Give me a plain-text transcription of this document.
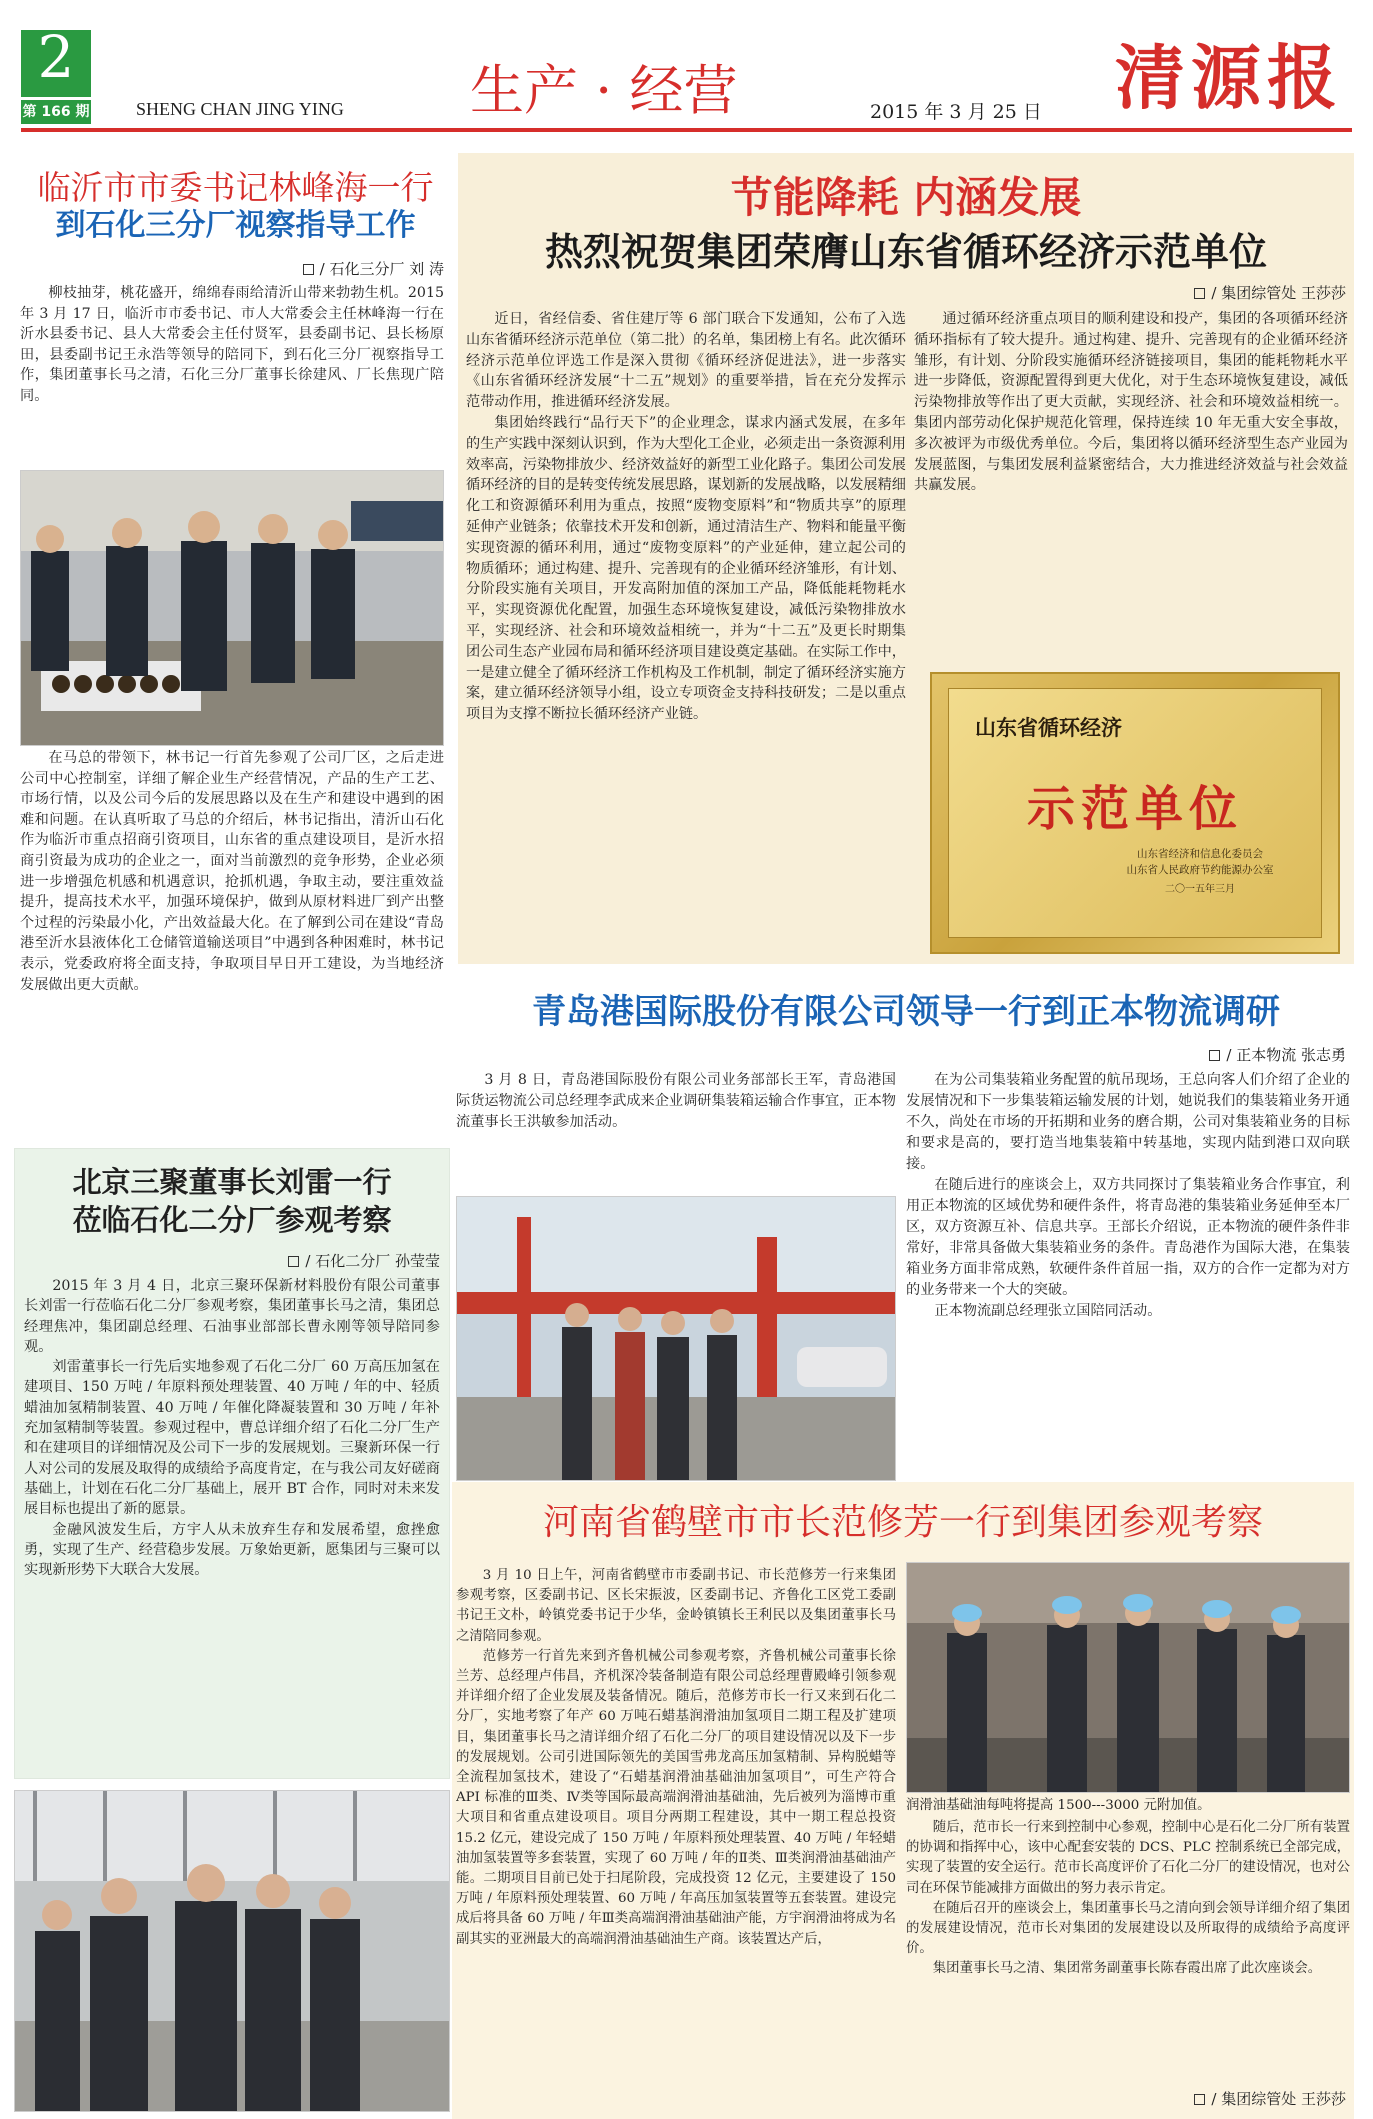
2
第 166 期	SHENG CHAN JING YING 生产 · 经营	2015 年 3 月 25 日 清源报
临沂市市委书记林峰海一行
到石化三分厂视察指导工作
/ 石化三分厂 刘 涛

柳枝抽芽，桃花盛开，绵绵春雨给清沂山带来勃勃生机。2015 年 3 月 17 日，临沂市市委书记、市人大常委会主任林峰海一行在沂水县委书记、县人大常委会主任付贤军，县委副书记、县长杨原田，县委副书记王永浩等领导的陪同下，到石化三分厂视察指导工作，集团董事长马之清，石化三分厂董事长徐建风、厂长焦现广陪同。

在马总的带领下，林书记一行首先参观了公司厂区，之后走进公司中心控制室，详细了解企业生产经营情况，产品的生产工艺、市场行情，以及公司今后的发展思路以及在生产和建设中遇到的困难和问题。在认真听取了马总的介绍后，林书记指出，清沂山石化作为临沂市重点招商引资项目，山东省的重点建设项目，是沂水招商引资最为成功的企业之一，面对当前激烈的竞争形势，企业必须进一步增强危机感和机遇意识，抢抓机遇，争取主动，要注重效益提升，提高技术水平，加强环境保护，做到从原材料进厂到产出整个过程的污染最小化，产出效益最大化。在了解到公司在建设“青岛港至沂水县液体化工仓储管道输送项目”中遇到各种困难时，林书记表示，党委政府将全面支持，争取项目早日开工建设，为当地经济发展做出更大贡献。

北京三聚董事长刘雷一行
莅临石化二分厂参观考察
/ 石化二分厂 孙莹莹

2015 年 3 月 4 日，北京三聚环保新材料股份有限公司董事长刘雷一行莅临石化二分厂参观考察，集团董事长马之清，集团总经理焦冲，集团副总经理、石油事业部部长曹永刚等领导陪同参观。

刘雷董事长一行先后实地参观了石化二分厂 60 万高压加氢在建项目、150 万吨 / 年原料预处理装置、40 万吨 / 年的中、轻质蜡油加氢精制装置、40 万吨 / 年催化降凝装置和 30 万吨 / 年补充加氢精制等装置。参观过程中，曹总详细介绍了石化二分厂生产和在建项目的详细情况及公司下一步的发展规划。三聚新环保一行人对公司的发展及取得的成绩给予高度肯定，在与我公司友好磋商基础上，计划在石化二分厂基础上，展开 BT 合作，同时对未来发展目标也提出了新的愿景。

金融风波发生后，方宇人从未放弃生存和发展希望，愈挫愈勇，实现了生产、经营稳步发展。万象始更新，愿集团与三聚可以实现新形势下大联合大发展。

节能降耗 内涵发展
热烈祝贺集团荣膺山东省循环经济示范单位
/ 集团综管处 王莎莎

近日，省经信委、省住建厅等 6 部门联合下发通知，公布了入选山东省循环经济示范单位（第二批）的名单，集团榜上有名。此次循环经济示范单位评选工作是深入贯彻《循环经济促进法》，进一步落实《山东省循环经济发展“十二五”规划》的重要举措，旨在充分发挥示范带动作用，推进循环经济发展。

集团始终践行“品行天下”的企业理念，谋求内涵式发展，在多年的生产实践中深刻认识到，作为大型化工企业，必须走出一条资源利用效率高，污染物排放少、经济效益好的新型工业化路子。集团公司发展循环经济的目的是转变传统发展思路，谋划新的发展战略，以发展精细化工和资源循环利用为重点，按照“废物变原料”和“物质共享”的原理延伸产业链条；依靠技术开发和创新，通过清洁生产、物料和能量平衡实现资源的循环利用，通过“废物变原料”的产业延伸，建立起公司的物质循环；通过构建、提升、完善现有的企业循环经济雏形，有计划、分阶段实施有关项目，开发高附加值的深加工产品，降低能耗物耗水平，实现资源优化配置，加强生态环境恢复建设，减低污染物排放水平，实现经济、社会和环境效益相统一，并为“十二五”及更长时期集团公司生态产业园布局和循环经济项目建设奠定基础。在实际工作中，一是建立健全了循环经济工作机构及工作机制，制定了循环经济实施方案，建立循环经济领导小组，设立专项资金支持科技研发；二是以重点项目为支撑不断拉长循环经济产业链。

通过循环经济重点项目的顺利建设和投产，集团的各项循环经济循环指标有了较大提升。通过构建、提升、完善现有的企业循环经济雏形，有计划、分阶段实施循环经济链接项目，集团的能耗物耗水平进一步降低，资源配置得到更大优化，对于生态环境恢复建设，减低污染物排放等作出了更大贡献，实现经济、社会和环境效益相统一。集团内部劳动化保护规范化管理，保持连续 10 年无重大安全事故，多次被评为市级优秀单位。今后，集团将以循环经济型生态产业园为发展蓝图，与集团发展利益紧密结合，大力推进经济效益与社会效益共赢发展。

山东省循环经济
示范单位
山东省经济和信息化委员会
山东省人民政府节约能源办公室
二〇一五年三月
青岛港国际股份有限公司领导一行到正本物流调研
/ 正本物流 张志勇

3 月 8 日，青岛港国际股份有限公司业务部部长王军，青岛港国际货运物流公司总经理李武成来企业调研集装箱运输合作事宜，正本物流董事长王洪敏参加活动。

在为公司集装箱业务配置的航吊现场，王总向客人们介绍了企业的发展情况和下一步集装箱运输发展的计划，她说我们的集装箱业务开通不久，尚处在市场的开拓期和业务的磨合期，公司对集装箱业务的目标和要求是高的，要打造当地集装箱中转基地，实现内陆到港口双向联接。

在随后进行的座谈会上，双方共同探讨了集装箱业务合作事宜，利用正本物流的区域优势和硬件条件，将青岛港的集装箱业务延伸至本厂区，双方资源互补、信息共享。王部长介绍说，正本物流的硬件条件非常好，非常具备做大集装箱业务的条件。青岛港作为国际大港，在集装箱业务方面非常成熟，软硬件条件首屈一指，双方的合作一定都为对方的业务带来一个大的突破。

正本物流副总经理张立国陪同活动。

河南省鹤壁市市长范修芳一行到集团参观考察

3 月 10 日上午，河南省鹤壁市市委副书记、市长范修芳一行来集团参观考察，区委副书记、区长宋振波，区委副书记、齐鲁化工区党工委副书记王文朴，岭镇党委书记于少华，金岭镇镇长王利民以及集团董事长马之清陪同参观。

范修芳一行首先来到齐鲁机械公司参观考察，齐鲁机械公司董事长徐兰芳、总经理卢伟昌，齐机深冷装备制造有限公司总经理曹殿峰引领参观并详细介绍了企业发展及装备情况。随后，范修芳市长一行又来到石化二分厂，实地考察了年产 60 万吨石蜡基润滑油加氢项目二期工程及扩建项目，集团董事长马之清详细介绍了石化二分厂的项目建设情况以及下一步的发展规划。公司引进国际领先的美国雪弗龙高压加氢精制、异构脱蜡等全流程加氢技术，建设了“石蜡基润滑油基础油加氢项目”，可生产符合 API 标准的Ⅲ类、Ⅳ类等国际最高端润滑油基础油，先后被列为淄博市重大项目和省重点建设项目。项目分两期工程建设，其中一期工程总投资 15.2 亿元，建设完成了 150 万吨 / 年原料预处理装置、40 万吨 / 年轻蜡油加氢装置等多套装置，实现了 60 万吨 / 年的Ⅱ类、Ⅲ类润滑油基础油产能。二期项目目前已处于扫尾阶段，完成投资 12 亿元，主要建设了 150 万吨 / 年原料预处理装置、60 万吨 / 年高压加氢装置等五套装置。建设完成后将具备 60 万吨 / 年Ⅲ类高端润滑油基础油产能，方宇润滑油将成为名副其实的亚洲最大的高端润滑油基础油生产商。该装置达产后，

润滑油基础油每吨将提高 1500---3000 元附加值。

随后，范市长一行来到控制中心参观，控制中心是石化二分厂所有装置的协调和指挥中心，该中心配套安装的 DCS、PLC 控制系统已全部完成，实现了装置的安全运行。范市长高度评价了石化二分厂的建设情况，也对公司在环保节能减排方面做出的努力表示肯定。

在随后召开的座谈会上，集团董事长马之清向到会领导详细介绍了集团的发展建设情况，范市长对集团的发展建设以及所取得的成绩给予高度评价。

集团董事长马之清、集团常务副董事长陈春霞出席了此次座谈会。

/ 集团综管处 王莎莎
